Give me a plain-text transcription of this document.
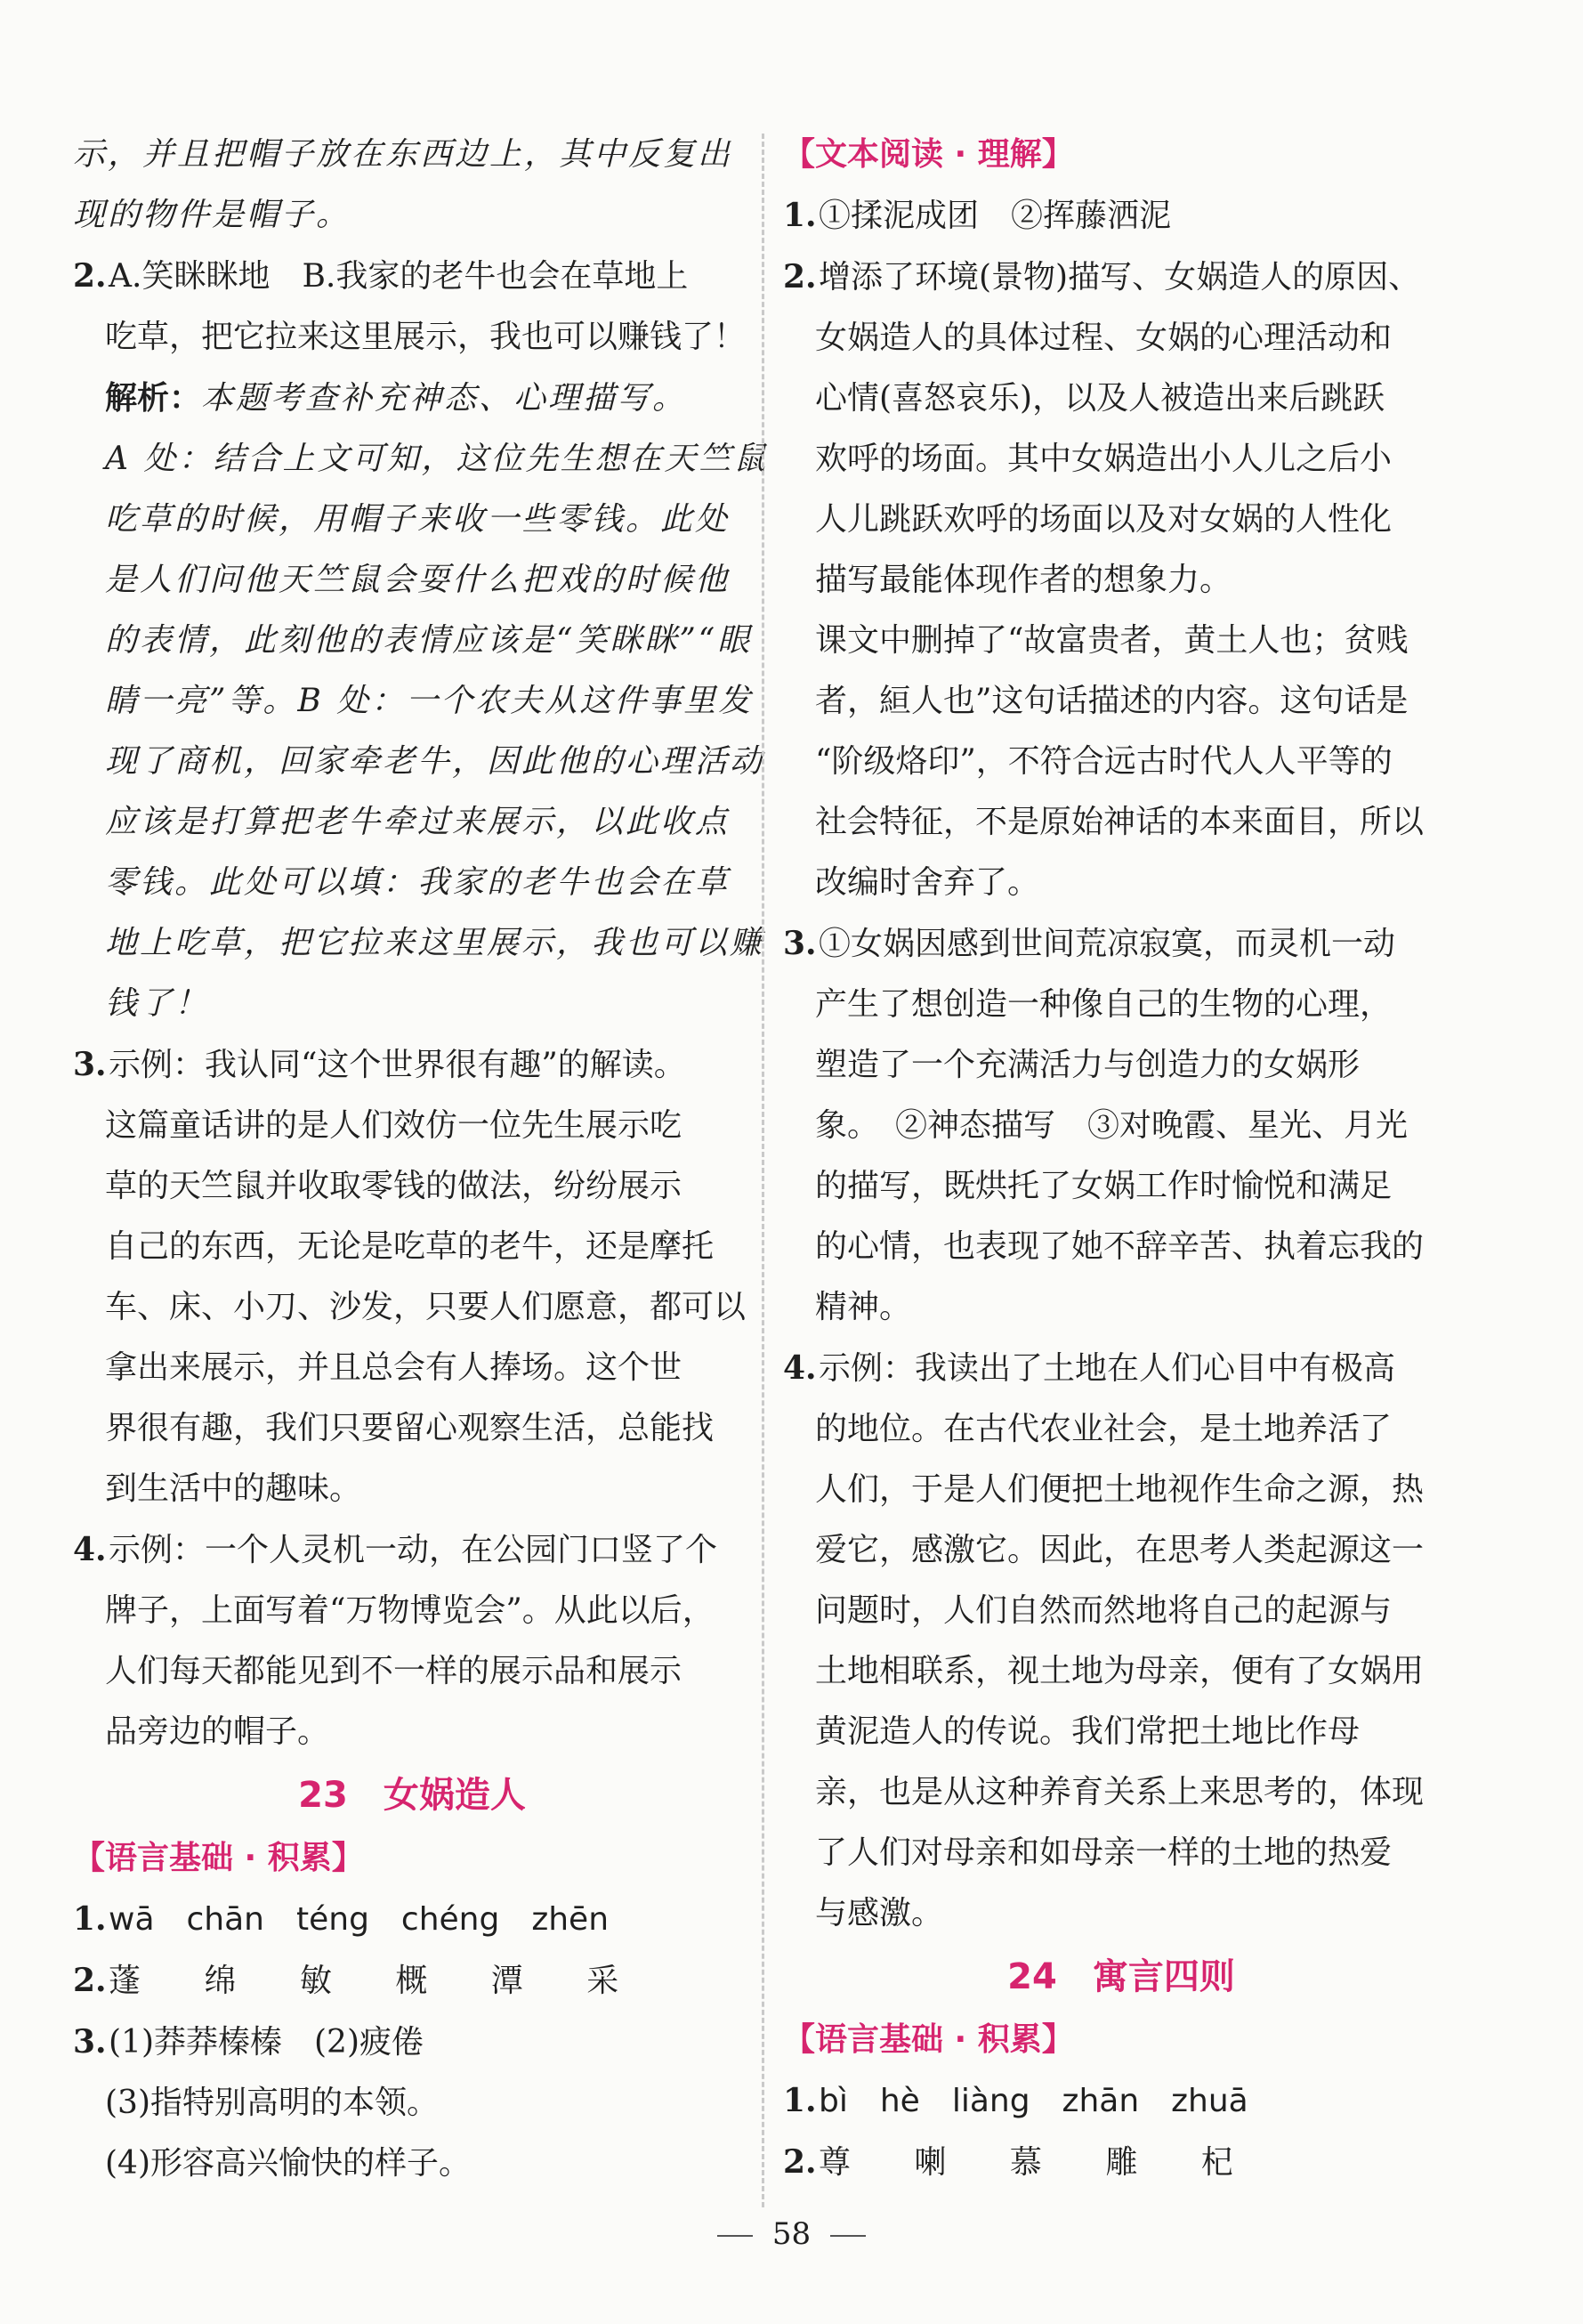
示，并且把帽子放在东西边上，其中反复出
现的物件是帽子。
2.A.笑眯眯地　B.我家的老牛也会在草地上
吃草，把它拉来这里展示，我也可以赚钱了！
解析：本题考查补充神态、心理描写。
A 处：结合上文可知，这位先生想在天竺鼠
吃草的时候，用帽子来收一些零钱。此处
是人们问他天竺鼠会耍什么把戏的时候他
的表情，此刻他的表情应该是“笑眯眯”“眼
睛一亮”等。B 处：一个农夫从这件事里发
现了商机，回家牵老牛，因此他的心理活动
应该是打算把老牛牵过来展示，以此收点
零钱。此处可以填：我家的老牛也会在草
地上吃草，把它拉来这里展示，我也可以赚
钱了！
3.示例：我认同“这个世界很有趣”的解读。
这篇童话讲的是人们效仿一位先生展示吃
草的天竺鼠并收取零钱的做法，纷纷展示
自己的东西，无论是吃草的老牛，还是摩托
车、床、小刀、沙发，只要人们愿意，都可以
拿出来展示，并且总会有人捧场。这个世
界很有趣，我们只要留心观察生活，总能找
到生活中的趣味。
4.示例：一个人灵机一动，在公园门口竖了个
牌子，上面写着“万物博览会”。从此以后，
人们每天都能见到不一样的展示品和展示
品旁边的帽子。
23 女娲造人
【语言基础 · 积累】
1.wā　chān　téng　chéng　zhēn
2.蓬 绵 敏 概 潭 采
3.(1)莽莽榛榛　(2)疲倦
(3)指特别高明的本领。
(4)形容高兴愉快的样子。
【文本阅读 · 理解】
1.①揉泥成团　②挥藤洒泥
2.增添了环境(景物)描写、女娲造人的原因、
女娲造人的具体过程、女娲的心理活动和
心情(喜怒哀乐)，以及人被造出来后跳跃
欢呼的场面。其中女娲造出小人儿之后小
人儿跳跃欢呼的场面以及对女娲的人性化
描写最能体现作者的想象力。
课文中删掉了“故富贵者，黄土人也；贫贱
者，絙人也”这句话描述的内容。这句话是
“阶级烙印”，不符合远古时代人人平等的
社会特征，不是原始神话的本来面目，所以
改编时舍弃了。
3.①女娲因感到世间荒凉寂寞，而灵机一动
产生了想创造一种像自己的生物的心理，
塑造了一个充满活力与创造力的女娲形
象。　②神态描写　③对晚霞、星光、月光
的描写，既烘托了女娲工作时愉悦和满足
的心情，也表现了她不辞辛苦、执着忘我的
精神。
4.示例：我读出了土地在人们心目中有极高
的地位。在古代农业社会，是土地养活了
人们，于是人们便把土地视作生命之源，热
爱它，感激它。因此，在思考人类起源这一
问题时，人们自然而然地将自己的起源与
土地相联系，视土地为母亲，便有了女娲用
黄泥造人的传说。我们常把土地比作母
亲，也是从这种养育关系上来思考的，体现
了人们对母亲和如母亲一样的土地的热爱
与感激。
24 寓言四则
【语言基础 · 积累】
1.bì　hè　liàng　zhān　zhuā
2.尊 喇 慕 雕 杞
58
